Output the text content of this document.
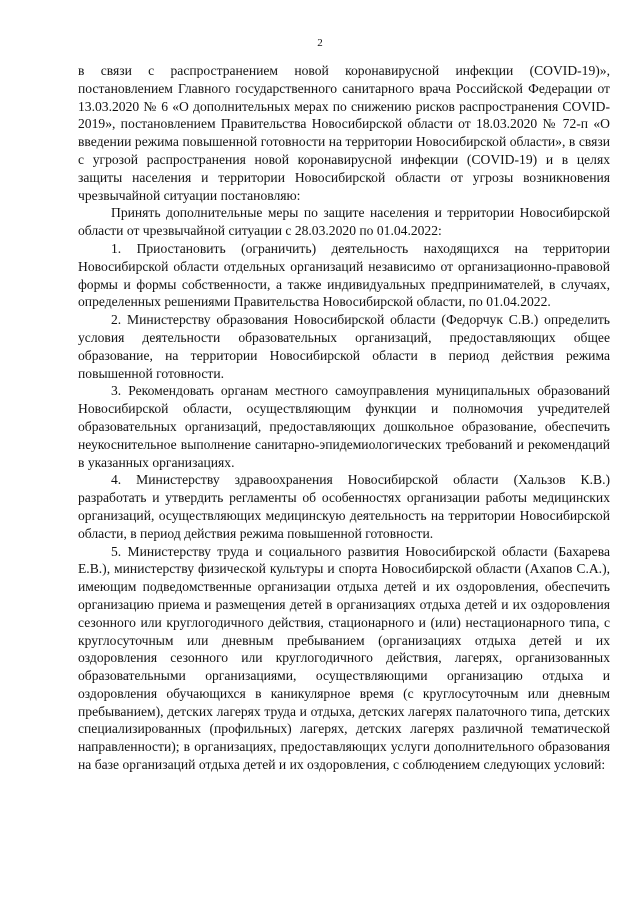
2

в связи с распространением новой коронавирусной инфекции (COVID-19)», постановлением Главного государственного санитарного врача Российской Федерации от 13.03.2020 № 6 «О дополнительных мерах по снижению рисков распространения COVID-2019», постановлением Правительства Новосибирской области от 18.03.2020 № 72-п «О введении режима повышенной готовности на территории Новосибирской области», в связи с угрозой распространения новой коронавирусной инфекции (COVID-19) и в целях защиты населения и территории Новосибирской области от угрозы возникновения чрезвычайной ситуации постановляю:

Принять дополнительные меры по защите населения и территории Новосибирской области от чрезвычайной ситуации с 28.03.2020 по 01.04.2022:

1. Приостановить (ограничить) деятельность находящихся на территории Новосибирской области отдельных организаций независимо от организационно-правовой формы и формы собственности, а также индивидуальных предпринимателей, в случаях, определенных решениями Правительства Новосибирской области, по 01.04.2022.

2. Министерству образования Новосибирской области (Федорчук С.В.) определить условия деятельности образовательных организаций, предоставляющих общее образование, на территории Новосибирской области в период действия режима повышенной готовности.

3. Рекомендовать органам местного самоуправления муниципальных образований Новосибирской области, осуществляющим функции и полномочия учредителей образовательных организаций, предоставляющих дошкольное образование, обеспечить неукоснительное выполнение санитарно-эпидемиологических требований и рекомендаций в указанных организациях.

4. Министерству здравоохранения Новосибирской области (Хальзов К.В.) разработать и утвердить регламенты об особенностях организации работы медицинских организаций, осуществляющих медицинскую деятельность на территории Новосибирской области, в период действия режима повышенной готовности.

5. Министерству труда и социального развития Новосибирской области (Бахарева Е.В.), министерству физической культуры и спорта Новосибирской области (Ахапов С.А.), имеющим подведомственные организации отдыха детей и их оздоровления, обеспечить организацию приема и размещения детей в организациях отдыха детей и их оздоровления сезонного или круглогодичного действия, стационарного и (или) нестационарного типа, с круглосуточным или дневным пребыванием (организациях отдыха детей и их оздоровления сезонного или круглогодичного действия, лагерях, организованных образовательными организациями, осуществляющими организацию отдыха и оздоровления обучающихся в каникулярное время (с круглосуточным или дневным пребыванием), детских лагерях труда и отдыха, детских лагерях палаточного типа, детских специализированных (профильных) лагерях, детских лагерях различной тематической направленности); в организациях, предоставляющих услуги дополнительного образования на базе организаций отдыха детей и их оздоровления, с соблюдением следующих условий:
